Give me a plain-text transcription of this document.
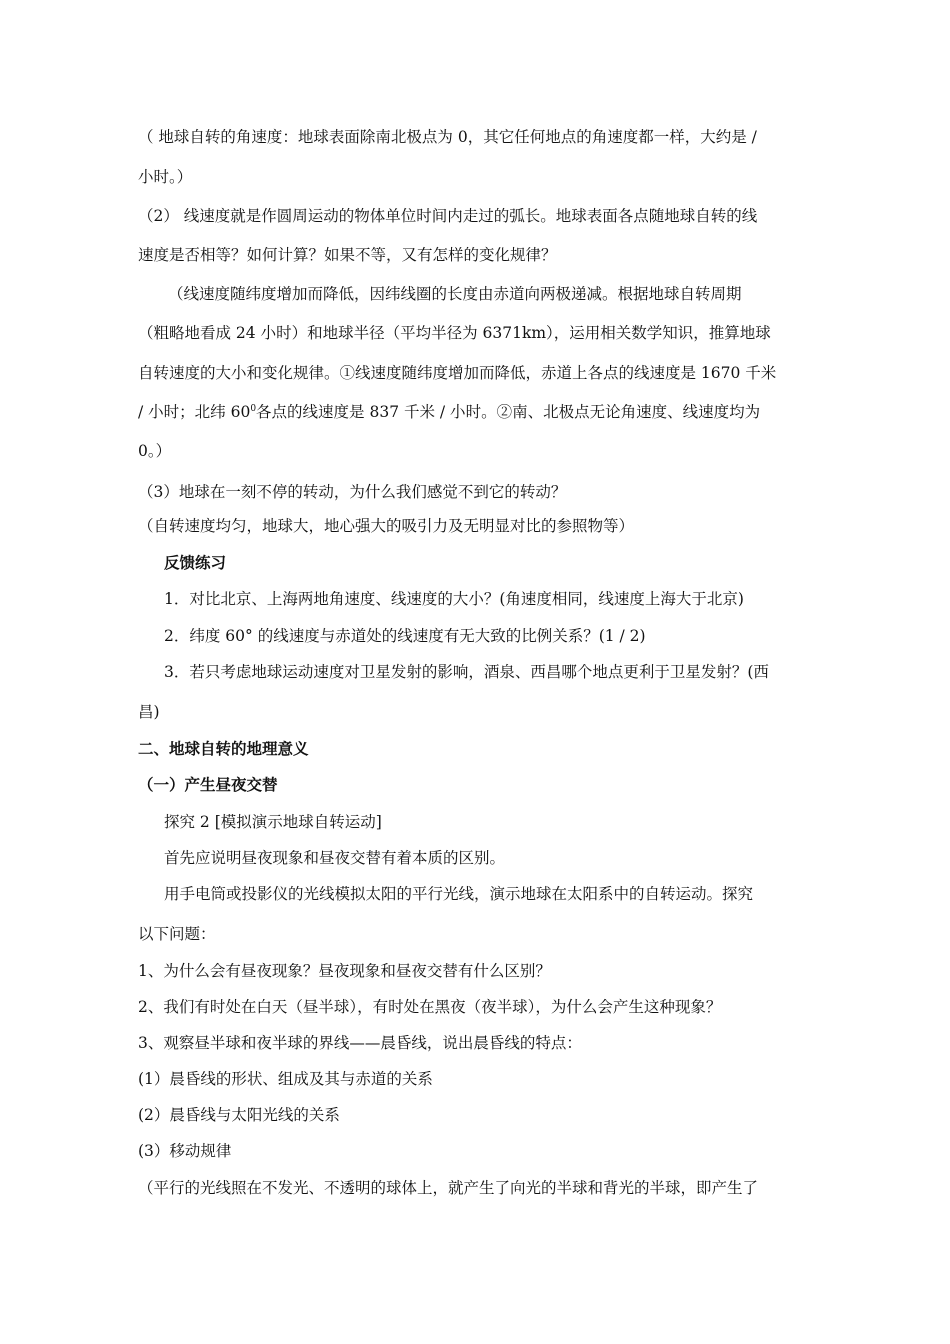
（ 地球自转的角速度：地球表面除南北极点为 0，其它任何地点的角速度都一样，大约是 /
小时。）
（2） 线速度就是作圆周运动的物体单位时间内走过的弧长。地球表面各点随地球自转的线
速度是否相等？如何计算？如果不等，又有怎样的变化规律？
（线速度随纬度增加而降低，因纬线圈的长度由赤道向两极递减。根据地球自转周期
（粗略地看成 24 小时）和地球半径（平均半径为 6371km），运用相关数学知识，推算地球
自转速度的大小和变化规律。①线速度随纬度增加而降低，赤道上各点的线速度是 1670 千米
/ 小时；北纬 $60^0$各点的线速度是 837 千米 / 小时。②南、北极点无论角速度、线速度均为
0。）
（3）地球在一刻不停的转动，为什么我们感觉不到它的转动？
（自转速度均匀，地球大，地心强大的吸引力及无明显对比的参照物等）
反馈练习
1．对比北京、上海两地角速度、线速度的大小？(角速度相同，线速度上海大于北京)
2．纬度 60° 的线速度与赤道处的线速度有无大致的比例关系？(1 / 2)
3．若只考虑地球运动速度对卫星发射的影响，酒泉、西昌哪个地点更利于卫星发射？(西
昌)
二、地球自转的地理意义
（一）产生昼夜交替
探究 2 [模拟演示地球自转运动]
首先应说明昼夜现象和昼夜交替有着本质的区别。
用手电筒或投影仪的光线模拟太阳的平行光线，演示地球在太阳系中的自转运动。探究
以下问题：
1、为什么会有昼夜现象？昼夜现象和昼夜交替有什么区别？
2、我们有时处在白天（昼半球），有时处在黑夜（夜半球），为什么会产生这种现象？
3、观察昼半球和夜半球的界线——晨昏线，说出晨昏线的特点：
(1）晨昏线的形状、组成及其与赤道的关系
(2）晨昏线与太阳光线的关系
(3）移动规律
（平行的光线照在不发光、不透明的球体上，就产生了向光的半球和背光的半球，即产生了
